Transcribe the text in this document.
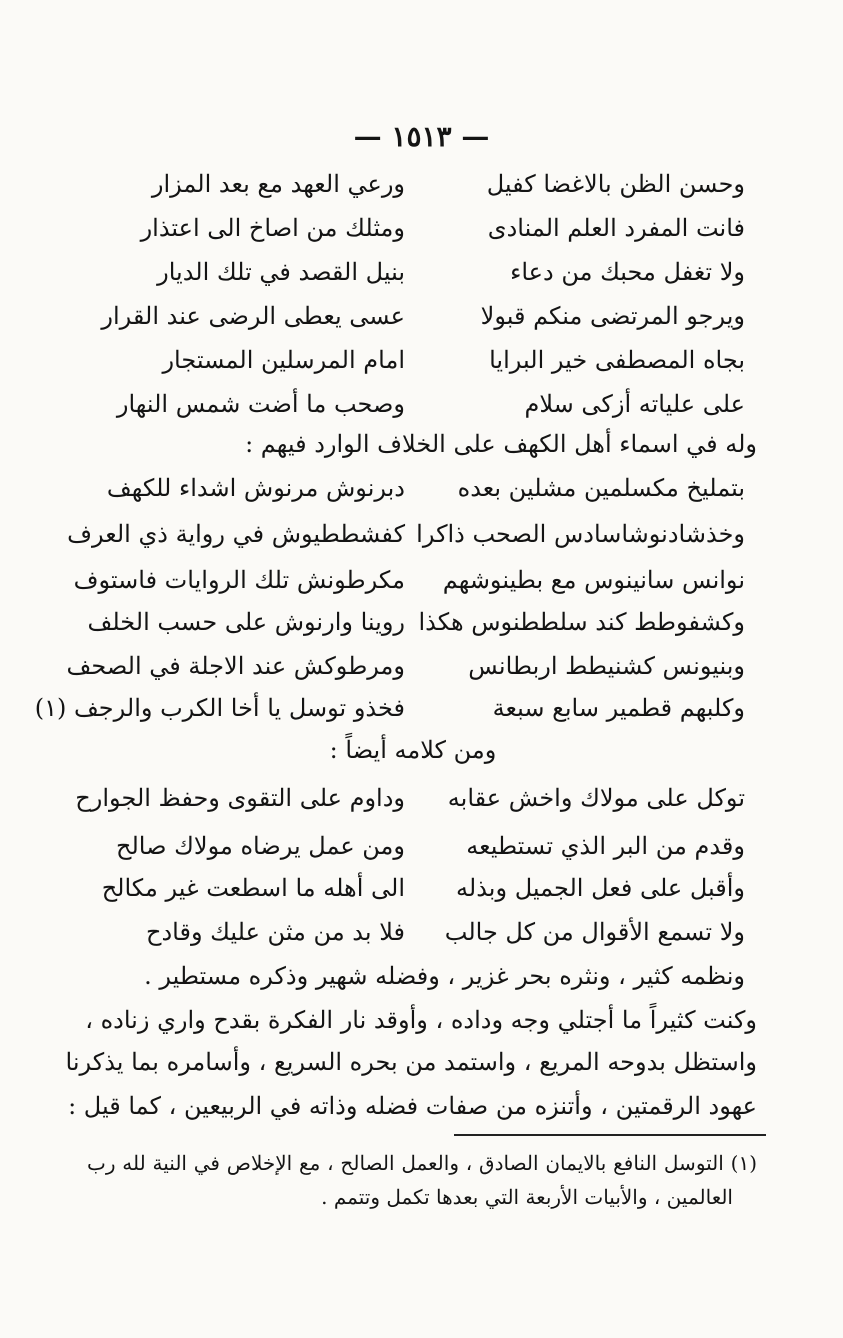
— ١٥١٣ —
وحسن الظن بالاغضا كفيل
ورعي العهد مع بعد المزار
فانت المفرد العلم المنادى
ومثلك من اصاخ الى اعتذار
ولا تغفل محبك من دعاء
بنيل القصد في تلك الديار
ويرجو المرتضى منكم قبولا
عسى يعطى الرضى عند القرار
بجاه المصطفى خير البرايا
امام المرسلين المستجار
على علياته أزكى سلام
وصحب ما أضت شمس النهار
وله في اسماء أهل الكهف على الخلاف الوارد فيهم :
بتمليخ مكسلمين مشلين بعده
دبرنوش مرنوش اشداء للكهف
وخذشادنوشاسادس الصحب ذاكرا
كفشططيوش في رواية ذي العرف
نوانس سانينوس مع بطينوشهم
مكرطونش تلك الروايات فاستوف
وكشفوطط كند سلططنوس هكذا
روينا وارنوش على حسب الخلف
وبنيونس كشنيطط اربطانس
ومرطوكش عند الاجلة في الصحف
وكلبهم قطمير سابع سبعة
فخذو توسل يا أخا الكرب والرجف (١)
ومن كلامه أيضاً :
توكل على مولاك واخش عقابه
وداوم على التقوى وحفظ الجوارح
وقدم من البر الذي تستطيعه
ومن عمل يرضاه مولاك صالح
وأقبل على فعل الجميل وبذله
الى أهله ما اسطعت غير مكالح
ولا تسمع الأقوال من كل جالب
فلا بد من مثن عليك وقادح
ونظمه كثير ، ونثره بحر غزير ، وفضله شهير وذكره مستطير .
وكنت كثيراً ما أجتلي وجه وداده ، وأوقد نار الفكرة بقدح واري زناده ،
واستظل بدوحه المريع ، واستمد من بحره السريع ، وأسامره بما يذكرنا
عهود الرقمتين ، وأتنزه من صفات فضله وذاته في الربيعين ، كما قيل :
(١) التوسل النافع بالايمان الصادق ، والعمل الصالح ، مع الإخلاص في النية لله رب
العالمين ، والأبيات الأربعة التي بعدها تكمل وتتمم .
